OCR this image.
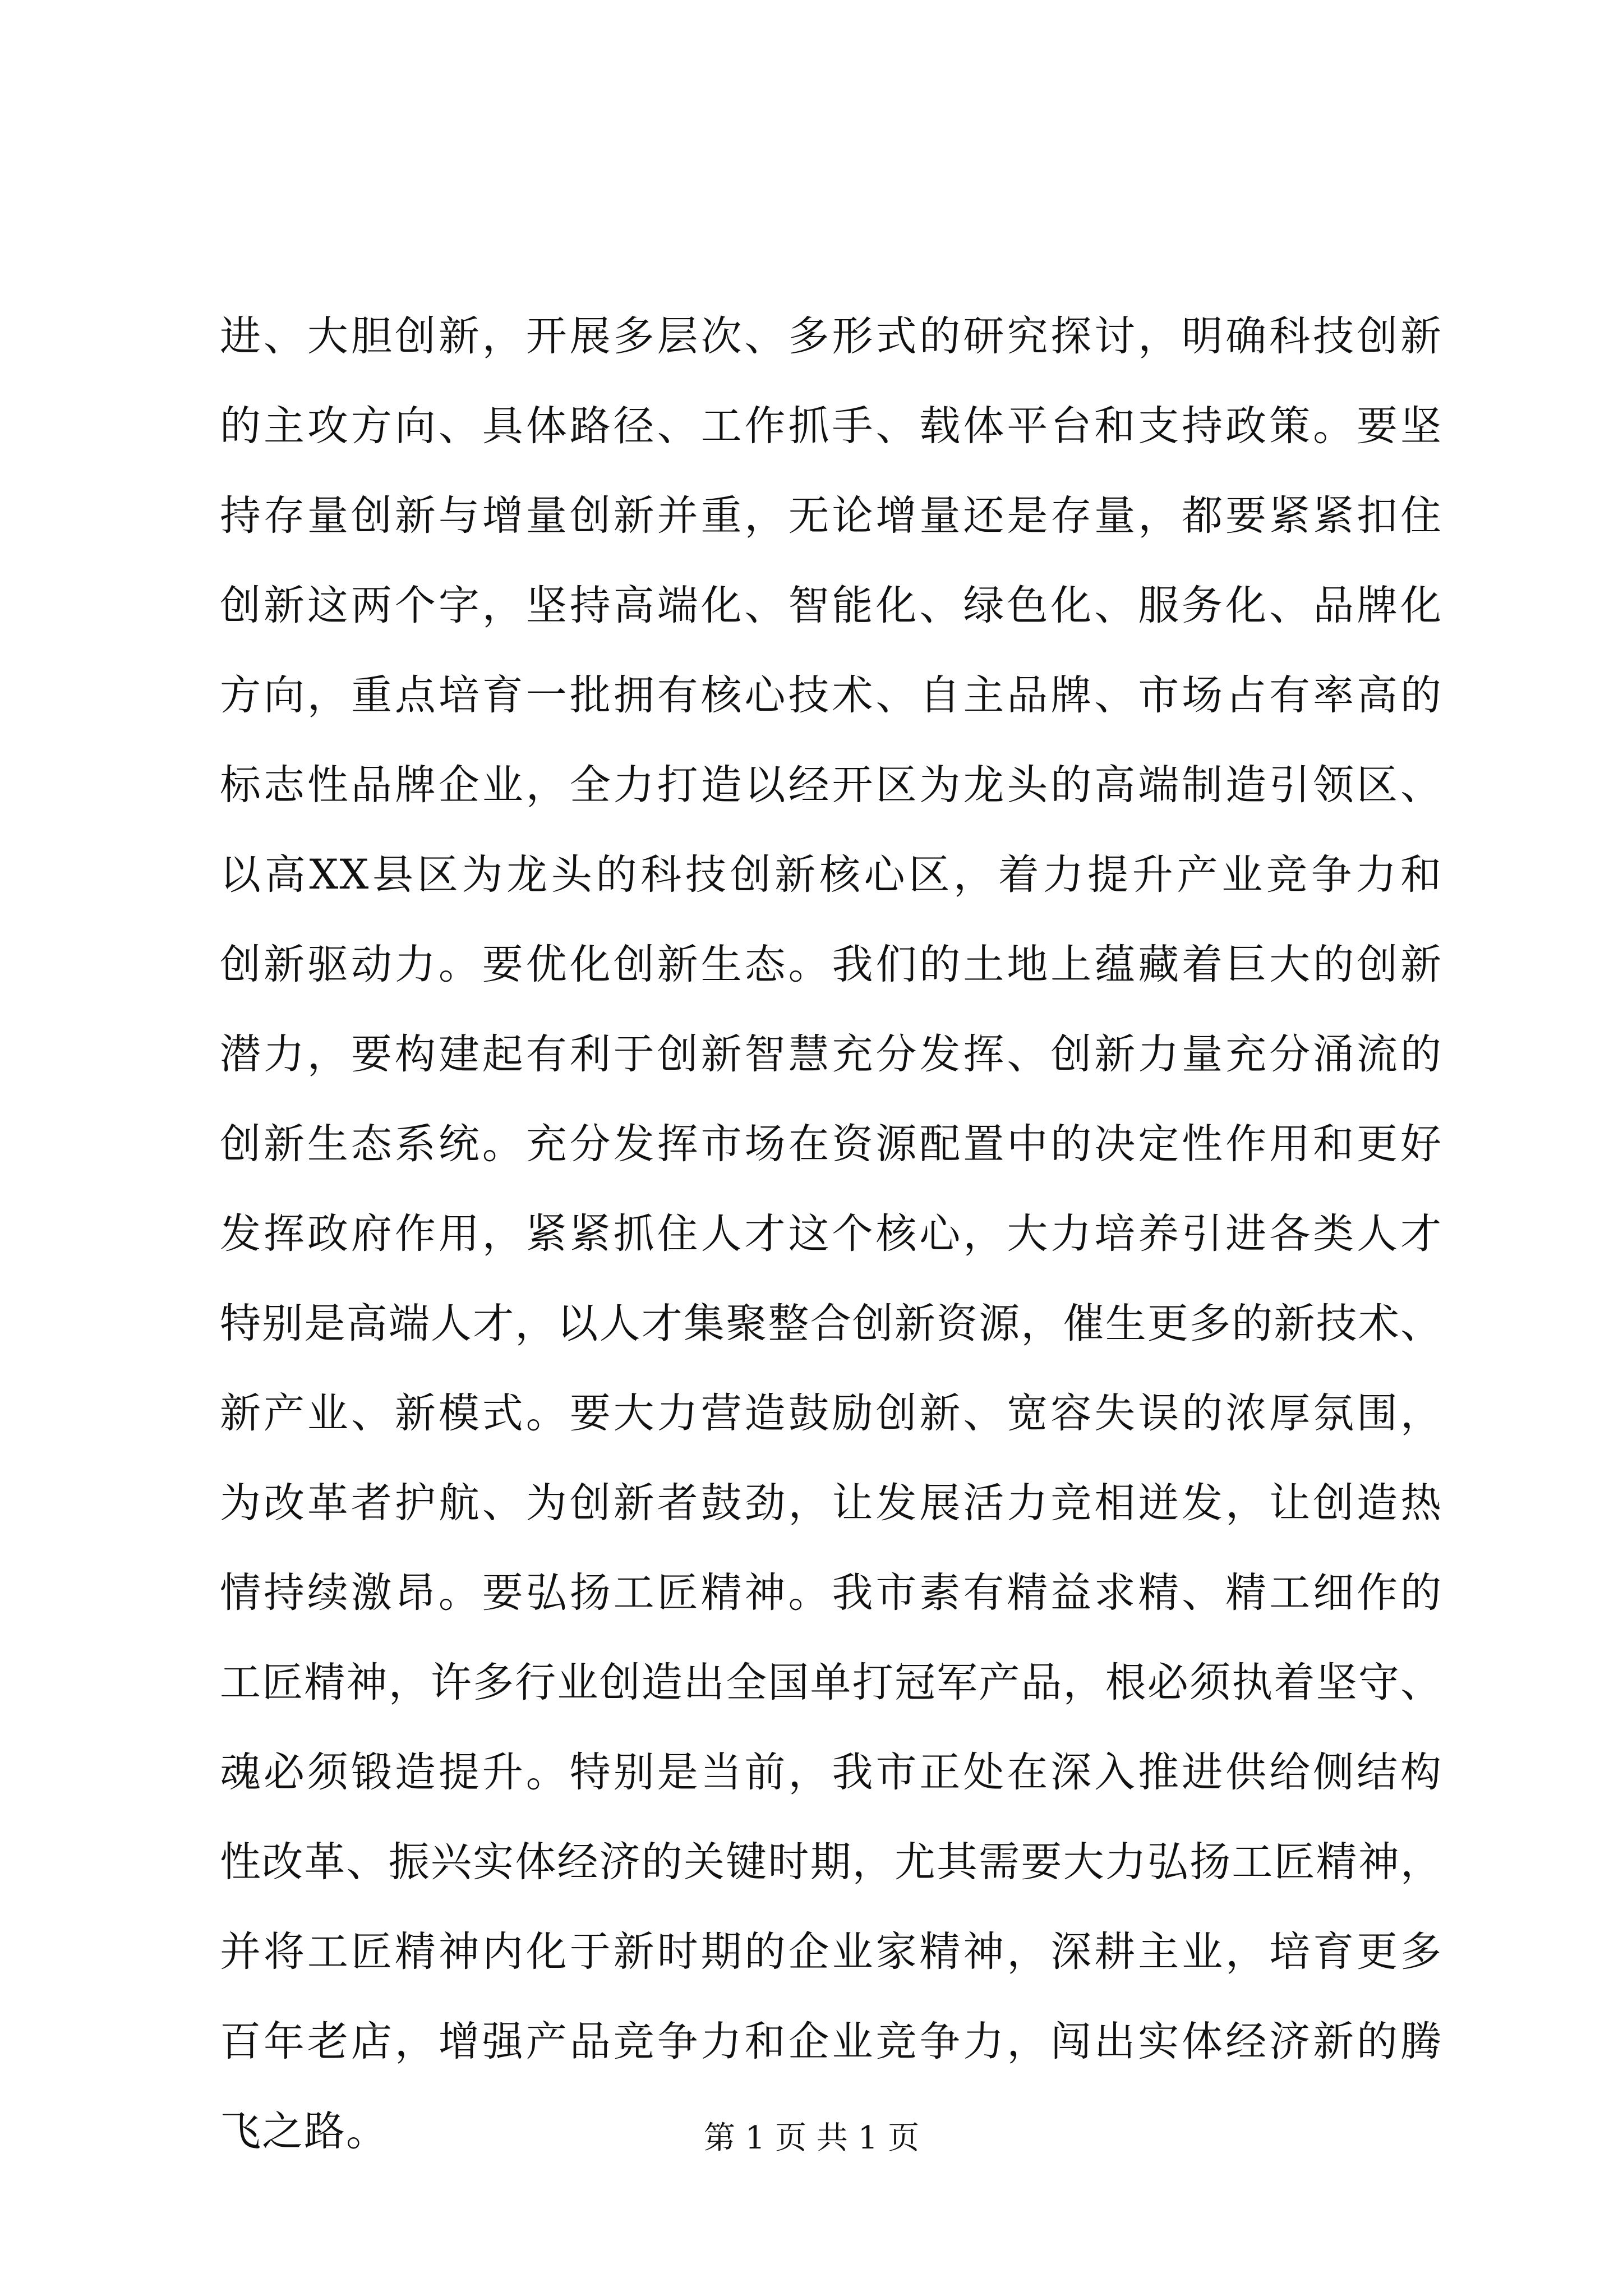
进、大胆创新，开展多层次、多形式的研究探讨，明确科技创新
的主攻方向、具体路径、工作抓手、载体平台和支持政策。要坚
持存量创新与增量创新并重，无论增量还是存量，都要紧紧扣住
创新这两个字，坚持高端化、智能化、绿色化、服务化、品牌化
方向，重点培育一批拥有核心技术、自主品牌、市场占有率高的
标志性品牌企业，全力打造以经开区为龙头的高端制造引领区、
以高XX县区为龙头的科技创新核心区，着力提升产业竞争力和
创新驱动力。要优化创新生态。我们的土地上蕴藏着巨大的创新
潜力，要构建起有利于创新智慧充分发挥、创新力量充分涌流的
创新生态系统。充分发挥市场在资源配置中的决定性作用和更好
发挥政府作用，紧紧抓住人才这个核心，大力培养引进各类人才
特别是高端人才，以人才集聚整合创新资源，催生更多的新技术、
新产业、新模式。要大力营造鼓励创新、宽容失误的浓厚氛围，
为改革者护航、为创新者鼓劲，让发展活力竞相迸发，让创造热
情持续激昂。要弘扬工匠精神。我市素有精益求精、精工细作的
工匠精神，许多行业创造出全国单打冠军产品，根必须执着坚守、
魂必须锻造提升。特别是当前，我市正处在深入推进供给侧结构
性改革、振兴实体经济的关键时期，尤其需要大力弘扬工匠精神，
并将工匠精神内化于新时期的企业家精神，深耕主业，培育更多
百年老店，增强产品竞争力和企业竞争力，闯出实体经济新的腾
飞之路。	第 1 页 共 1 页
